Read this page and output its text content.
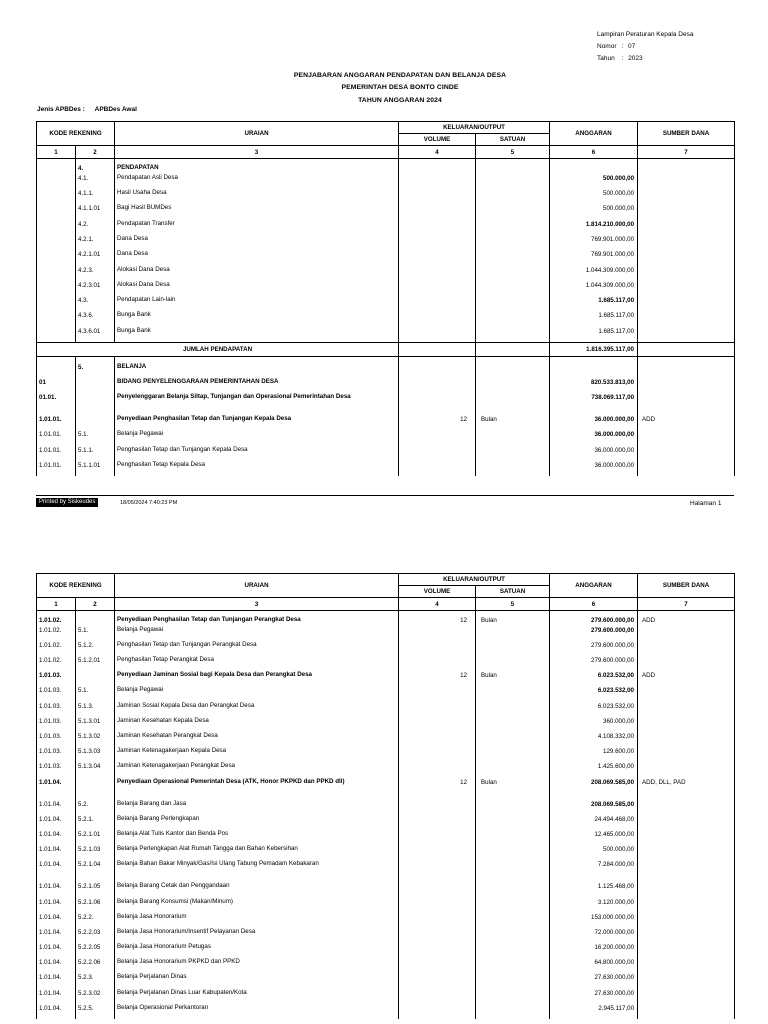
Lampiran Peraturan Kepala Desa
Nomor : 07
Tahun : 2023
PENJABARAN ANGGARAN PENDAPATAN DAN BELANJA DESA
PEMERINTAH DESA BONTO CINDE
TAHUN ANGGARAN 2024
Jenis APBDes : APBDes Awal
KODE REKENING		URAIAN	KELUARAN/OUTPUT		ANGGARAN	SUMBER DANA
			VOLUME	SATUAN		
1	2	3	4	5	6	7
	4.	PENDAPATAN				
	4.1.	Pendapatan Asli Desa			500.000,00	
	4.1.1.	Hasil Usaha Desa			500.000,00	
	4.1.1.01	Bagi Hasil BUMDes			500.000,00	
	4.2.	Pendapatan Transfer			1.814.210.000,00	
	4.2.1.	Dana Desa			769.901.000,00	
	4.2.1.01	Dana Desa			769.901.000,00	
	4.2.3.	Alokasi Dana Desa			1.044.309.000,00	
	4.2.3.01	Alokasi Dana Desa			1.044.309.000,00	
	4.3.	Pendapatan Lain-lain			1.685.117,00	
	4.3.6.	Bunga Bank			1.685.117,00	
	4.3.6.01	Bunga Bank			1.685.117,00	
JUMLAH PENDAPATAN					1.816.395.117,00	

	5.	BELANJA				
01		BIDANG PENYELENGGARAAN PEMERINTAHAN DESA			820.533.813,00	
01.01.		Penyelenggaran Belanja Siltap, Tunjangan dan Operasional Pemerintahan Desa			738.069.117,00	
1.01.01.		Penyediaan Penghasilan Tetap dan Tunjangan Kepala Desa	12	Bulan	36.000.000,00	ADD
1.01.01.	5.1.	Belanja Pegawai			36.000.000,00	
1.01.01.	5.1.1.	Penghasilan Tetap dan Tunjangan Kepala Desa			36.000.000,00	
1.01.01.	5.1.1.01	Penghasilan Tetap Kepala Desa			36.000.000,00	
Printed by Siskeudes	18/05/2024 7:40:23 PM	Halaman 1
KODE REKENING		URAIAN	KELUARAN/OUTPUT		ANGGARAN	SUMBER DANA
			VOLUME	SATUAN		
1	2	3	4	5	6	7
1.01.02.		Penyediaan Penghasilan Tetap dan Tunjangan Perangkat Desa	12	Bulan	279.600.000,00	ADD
1.01.02.	5.1.	Belanja Pegawai			279.600.000,00	
1.01.02.	5.1.2.	Penghasilan Tetap dan Tunjangan Perangkat Desa			279.600.000,00	
1.01.02.	5.1.2.01	Penghasilan Tetap Perangkat Desa			279.600.000,00	
1.01.03.		Penyediaan Jaminan Sosial bagi Kepala Desa dan Perangkat Desa	12	Bulan	6.023.532,00	ADD
1.01.03.	5.1.	Belanja Pegawai			6.023.532,00	
1.01.03.	5.1.3.	Jaminan Sosial Kepala Desa dan Perangkat Desa			6.023.532,00	
1.01.03.	5.1.3.01	Jaminan Kesehatan Kepala Desa			360.000,00	
1.01.03.	5.1.3.02	Jaminan Kesehatan Perangkat Desa			4.108.332,00	
1.01.03.	5.1.3.03	Jaminan Ketenagakerjaan Kepala Desa			129.600,00	
1.01.03.	5.1.3.04	Jaminan Ketenagakerjaan Perangkat Desa			1.425.600,00	
1.01.04.		Penyediaan Operasional Pemerintah Desa (ATK, Honor PKPKD dan PPKD dll)	12	Bulan	208.069.585,00	ADD, DLL, PAD
1.01.04.	5.2.	Belanja Barang dan Jasa			208.069.585,00	
1.01.04.	5.2.1.	Belanja Barang Perlengkapan			24.494.468,00	
1.01.04.	5.2.1.01	Belanja Alat Tulis Kantor dan Benda Pos			12.465.000,00	
1.01.04.	5.2.1.03	Belanja Perlengkapan Alat Rumah Tangga dan Bahan Kebersihan			500.000,00	
1.01.04.	5.2.1.04	Belanja Bahan Bakar Minyak/Gas/Isi Ulang Tabung Pemadam Kebakaran			7.284.000,00	
1.01.04.	5.2.1.05	Belanja Barang Cetak dan Penggandaan			1.125.468,00	
1.01.04.	5.2.1.06	Belanja Barang Konsumsi (Makan/Minum)			3.120.000,00	
1.01.04.	5.2.2.	Belanja Jasa Honorarium			153.000.000,00	
1.01.04.	5.2.2.03	Belanja Jasa Honorarium/Insentif Pelayanan Desa			72.000.000,00	
1.01.04.	5.2.2.05	Belanja Jasa Honorarium Petugas			16.200.000,00	
1.01.04.	5.2.2.06	Belanja Jasa Honorarium PKPKD dan PPKD			64.800.000,00	
1.01.04.	5.2.3.	Belanja Perjalanan Dinas			27.630.000,00	
1.01.04.	5.2.3.02	Belanja Perjalanan Dinas Luar Kabupaten/Kota			27.630.000,00	
1.01.04.	5.2.5.	Belanja Operasional Perkantoran			2.945.117,00	
